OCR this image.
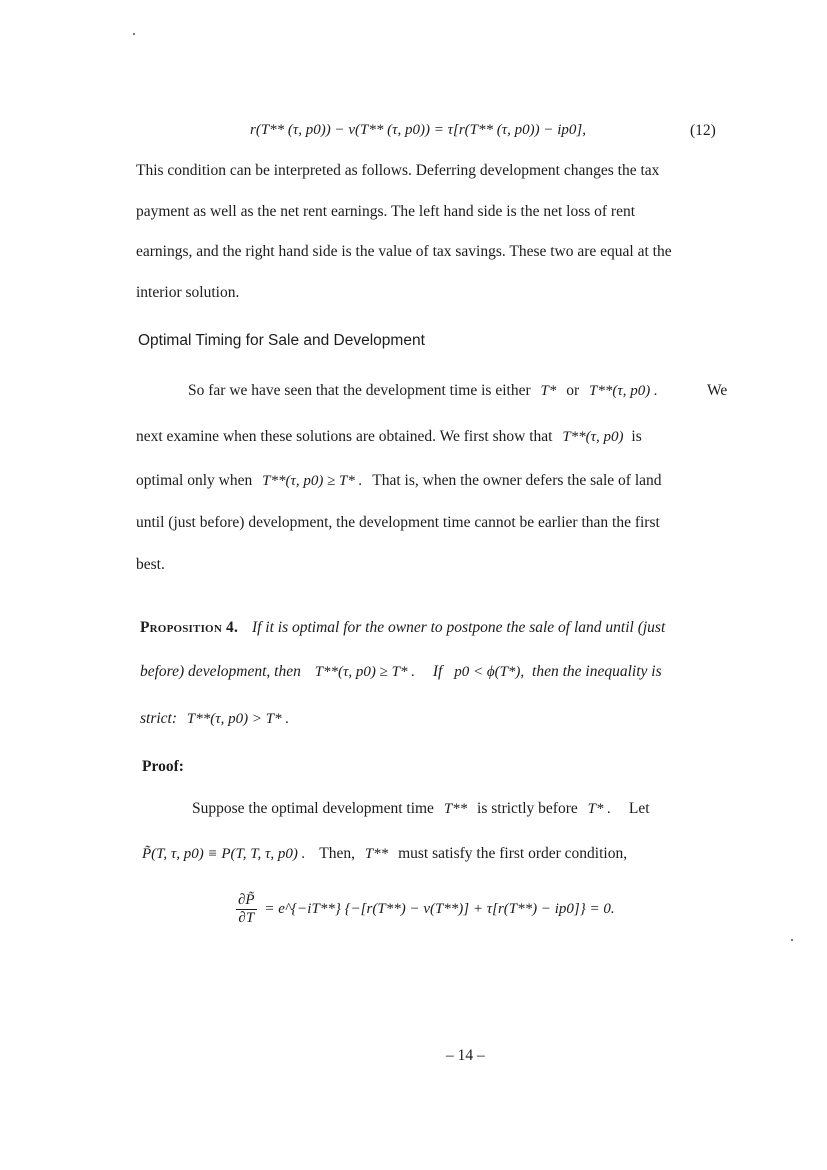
r(T** (τ, p0)) − v(T** (τ, p0)) = τ[r(T** (τ, p0)) − ip0],	(12)
This condition can be interpreted as follows. Deferring development changes the tax
payment as well as the net rent earnings. The left hand side is the net loss of rent
earnings, and the right hand side is the value of tax savings. These two are equal at the
interior solution.
Optimal Timing for Sale and Development
So far we have seen that the development time is either T* or T**(τ, p0) .	We
next examine when these solutions are obtained. We first show that T**(τ, p0) is
optimal only when T**(τ, p0) ≥ T* . That is, when the owner defers the sale of land
until (just before) development, the development time cannot be earlier than the first
best.
Proposition 4. If it is optimal for the owner to postpone the sale of land until (just
before) development, then T**(τ, p0) ≥ T* . If p0 < ϕ(T*), then the inequality is
strict: T**(τ, p0) > T* .
Proof:
Suppose the optimal development time T** is strictly before T* . Let
P̃(T, τ, p0) ≡ P(T, T, τ, p0) . Then, T** must satisfy the first order condition,
$\frac{\partial P̃}{\partial T}$ = e^{−iT**} {−[r(T**) − v(T**)] + τ[r(T**) − ip0]} = 0.
– 14 –
